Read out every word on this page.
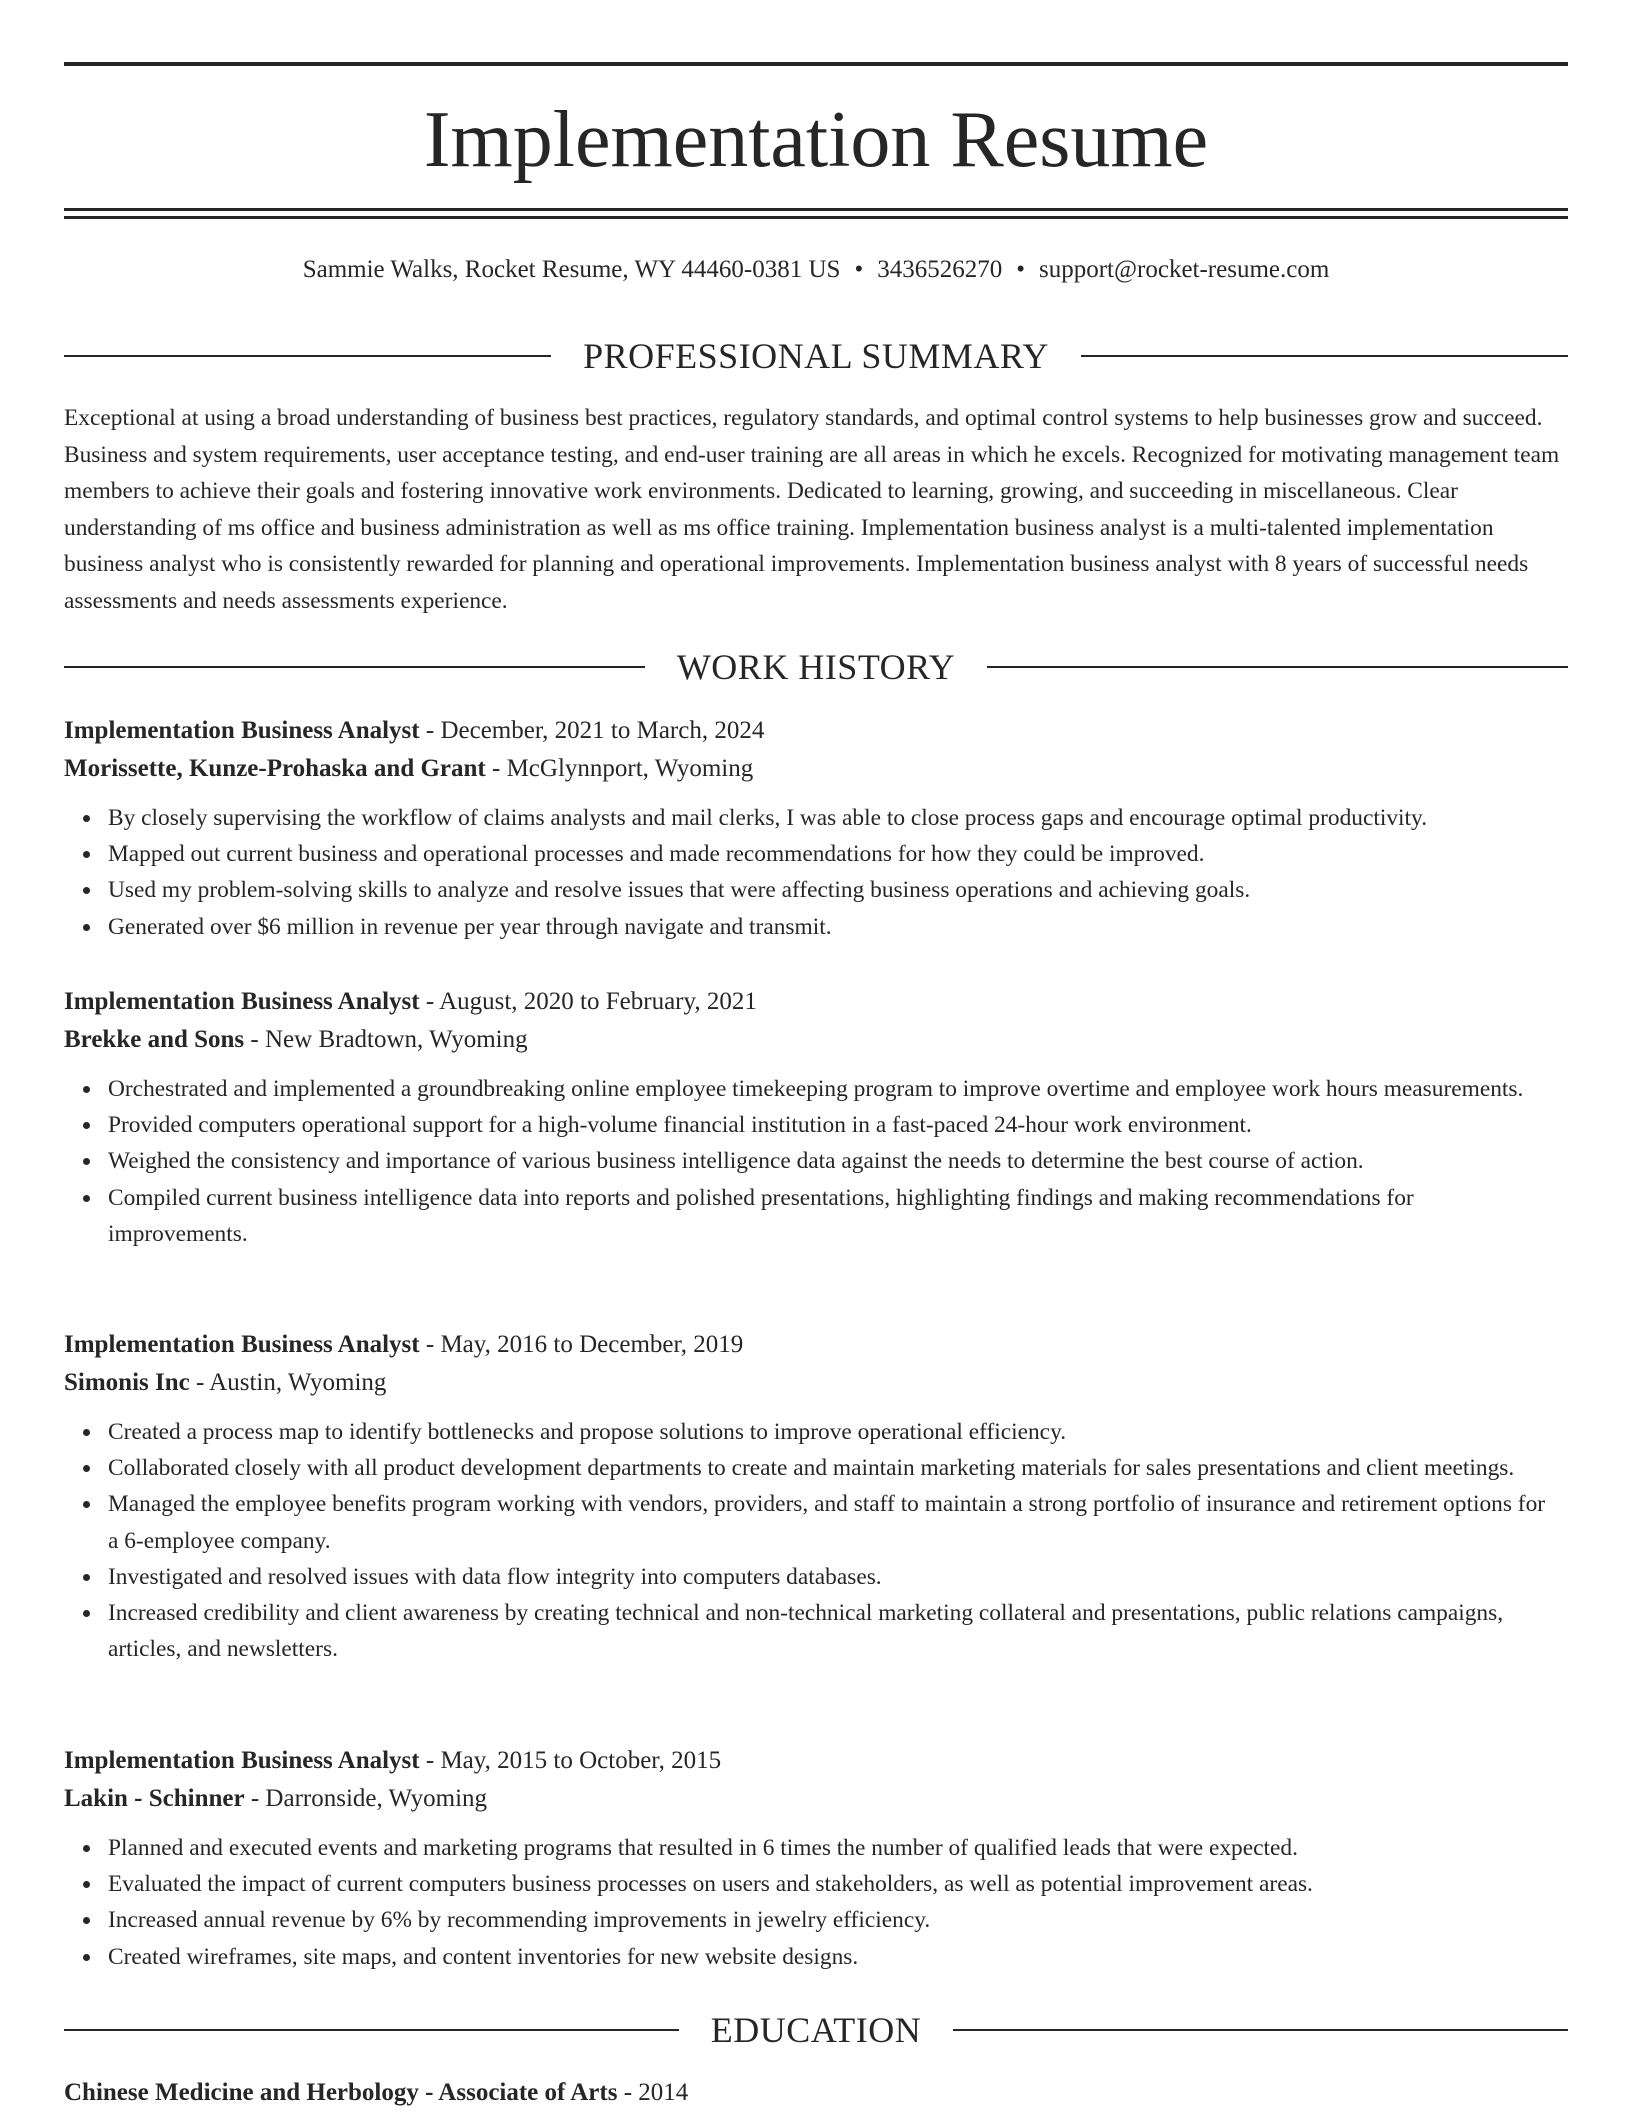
Implementation Resume
Sammie Walks, Rocket Resume, WY 44460-0381 US • 3436526270 • support@rocket-resume.com
PROFESSIONAL SUMMARY

Exceptional at using a broad understanding of business best practices, regulatory standards, and optimal control systems to help businesses grow and succeed. Business and system requirements, user acceptance testing, and end-user training are all areas in which he excels. Recognized for motivating management team members to achieve their goals and fostering innovative work environments. Dedicated to learning, growing, and succeeding in miscellaneous. Clear understanding of ms office and business administration as well as ms office training. Implementation business analyst is a multi-talented implementation business analyst who is consistently rewarded for planning and operational improvements. Implementation business analyst with 8 years of successful needs assessments and needs assessments experience.

WORK HISTORY
Implementation Business Analyst - December, 2021 to March, 2024
Morissette, Kunze-Prohaska and Grant - McGlynnport, Wyoming
By closely supervising the workflow of claims analysts and mail clerks, I was able to close process gaps and encourage optimal productivity.
Mapped out current business and operational processes and made recommendations for how they could be improved.
Used my problem-solving skills to analyze and resolve issues that were affecting business operations and achieving goals.
Generated over $6 million in revenue per year through navigate and transmit.
Implementation Business Analyst - August, 2020 to February, 2021
Brekke and Sons - New Bradtown, Wyoming
Orchestrated and implemented a groundbreaking online employee timekeeping program to improve overtime and employee work hours measurements.
Provided computers operational support for a high-volume financial institution in a fast-paced 24-hour work environment.
Weighed the consistency and importance of various business intelligence data against the needs to determine the best course of action.
Compiled current business intelligence data into reports and polished presentations, highlighting findings and making recommendations for improvements.
Implementation Business Analyst - May, 2016 to December, 2019
Simonis Inc - Austin, Wyoming
Created a process map to identify bottlenecks and propose solutions to improve operational efficiency.
Collaborated closely with all product development departments to create and maintain marketing materials for sales presentations and client meetings.
Managed the employee benefits program working with vendors, providers, and staff to maintain a strong portfolio of insurance and retirement options for a 6-employee company.
Investigated and resolved issues with data flow integrity into computers databases.
Increased credibility and client awareness by creating technical and non-technical marketing collateral and presentations, public relations campaigns, articles, and newsletters.
Implementation Business Analyst - May, 2015 to October, 2015
Lakin - Schinner - Darronside, Wyoming
Planned and executed events and marketing programs that resulted in 6 times the number of qualified leads that were expected.
Evaluated the impact of current computers business processes on users and stakeholders, as well as potential improvement areas.
Increased annual revenue by 6% by recommending improvements in jewelry efficiency.
Created wireframes, site maps, and content inventories for new website designs.
EDUCATION
Chinese Medicine and Herbology - Associate of Arts - 2014
